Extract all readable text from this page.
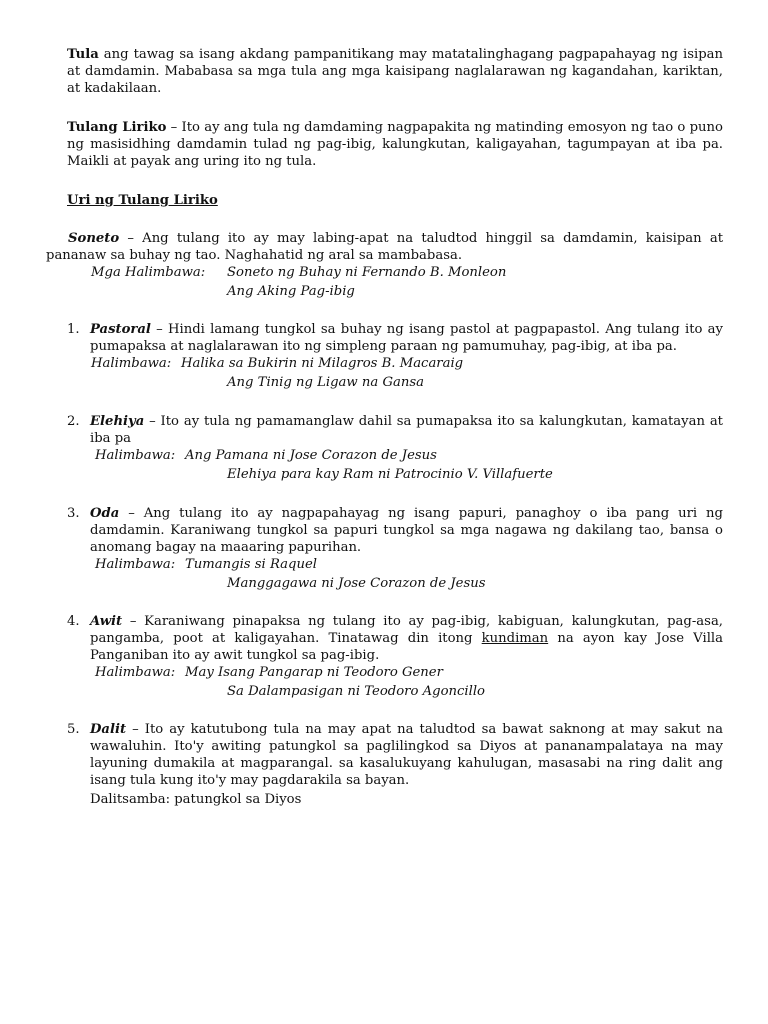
Tula ang tawag sa isang akdang pampanitikang may matatalinghagang pagpapahayag ng isipan at damdamin. Mababasa sa mga tula ang mga kaisipang naglalarawan ng kagandahan, kariktan, at kadakilaan.

Tulang Liriko – Ito ay ang tula ng damdaming nagpapakita ng matinding emosyon ng tao o puno ng masisidhing damdamin tulad ng pag-ibig, kalungkutan, kaligayahan, tagumpayan at iba pa. Maikli at payak ang uring ito ng tula.

Uri ng Tulang Liriko

Soneto – Ang tulang ito ay may labing-apat na taludtod hinggil sa damdamin, kaisipan at pananaw sa buhay ng tao. Naghahatid ng aral sa mambabasa.

Mga Halimbawa: Soneto ng Buhay ni Fernando B. Monleon
Ang Aking Pag-ibig
1. Pastoral – Hindi lamang tungkol sa buhay ng isang pastol at pagpapastol. Ang tulang ito ay pumapaksa at naglalarawan ito ng simpleng paraan ng pamumuhay, pag-ibig, at iba pa.

Halimbawa: Halika sa Bukirin ni Milagros B. Macaraig
Ang Tinig ng Ligaw na Gansa
2. Elehiya – Ito ay tula ng pamamanglaw dahil sa pumapaksa ito sa kalungkutan, kamatayan at iba pa

Halimbawa: Ang Pamana ni Jose Corazon de Jesus
Elehiya para kay Ram ni Patrocinio V. Villafuerte
3. Oda – Ang tulang ito ay nagpapahayag ng isang papuri, panaghoy o iba pang uri ng damdamin. Karaniwang tungkol sa papuri tungkol sa mga nagawa ng dakilang tao, bansa o anomang bagay na maaaring papurihan.

Halimbawa: Tumangis si Raquel
Manggagawa ni Jose Corazon de Jesus
4. Awit – Karaniwang pinapaksa ng tulang ito ay pag-ibig, kabiguan, kalungkutan, pag-asa, pangamba, poot at kaligayahan. Tinatawag din itong kundiman na ayon kay Jose Villa Panganiban ito ay awit tungkol sa pag-ibig.

Halimbawa: May Isang Pangarap ni Teodoro Gener
Sa Dalampasigan ni Teodoro Agoncillo
5. Dalit – Ito ay katutubong tula na may apat na taludtod sa bawat saknong at may sakut na wawaluhin. Ito'y awiting patungkol sa paglilingkod sa Diyos at pananampalataya na may layuning dumakila at magparangal. sa kasalukuyang kahulugan, masasabi na ring dalit ang isang tula kung ito'y may pagdarakila sa bayan.

Dalitsamba: patungkol sa Diyos
